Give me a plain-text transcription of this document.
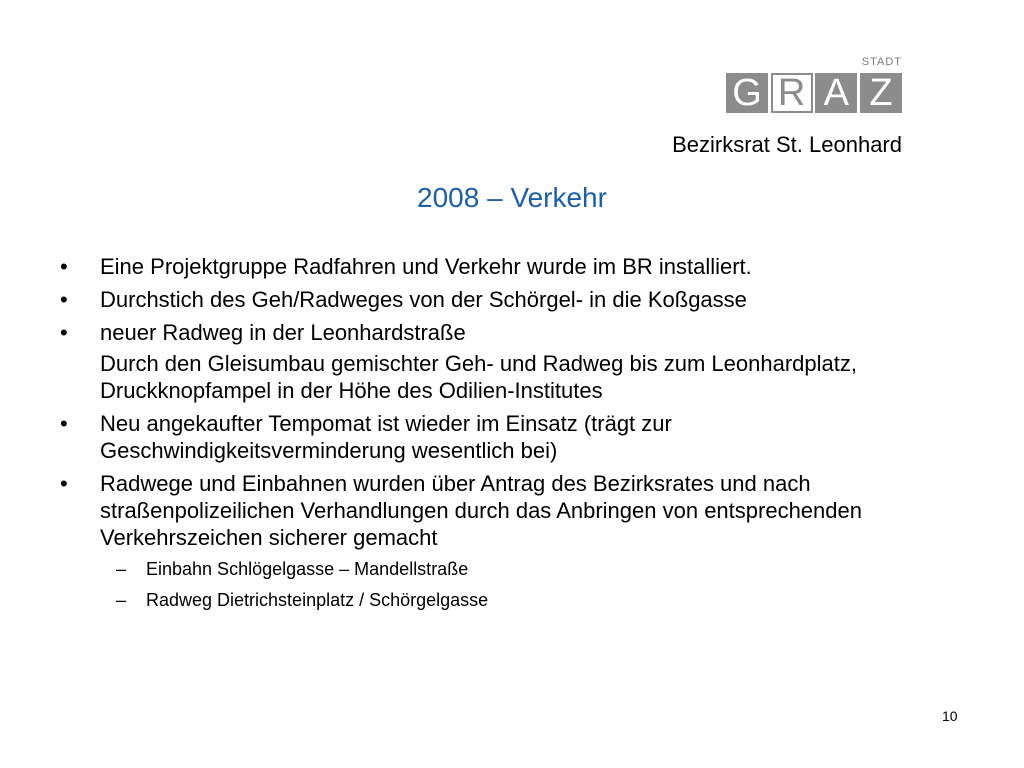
STADT
G R A Z
Bezirksrat St. Leonhard
2008 – Verkehr
•	Eine Projektgruppe Radfahren und Verkehr wurde im BR installiert.
•	Durchstich des Geh/Radweges von der Schörgel- in die Koßgasse
•	neuer Radweg in der Leonhardstraße
Durch den Gleisumbau gemischter Geh- und Radweg bis zum Leonhardplatz, Druckknopfampel in der Höhe des Odilien-Institutes
•	Neu angekaufter Tempomat ist wieder im Einsatz (trägt zur Geschwindigkeitsverminderung wesentlich bei)
•	Radwege und Einbahnen wurden über Antrag des Bezirksrates und nach straßenpolizeilichen Verhandlungen durch das Anbringen von entsprechenden Verkehrszeichen sicherer gemacht
– Einbahn Schlögelgasse – Mandellstraße
– Radweg Dietrichsteinplatz / Schörgelgasse
10
